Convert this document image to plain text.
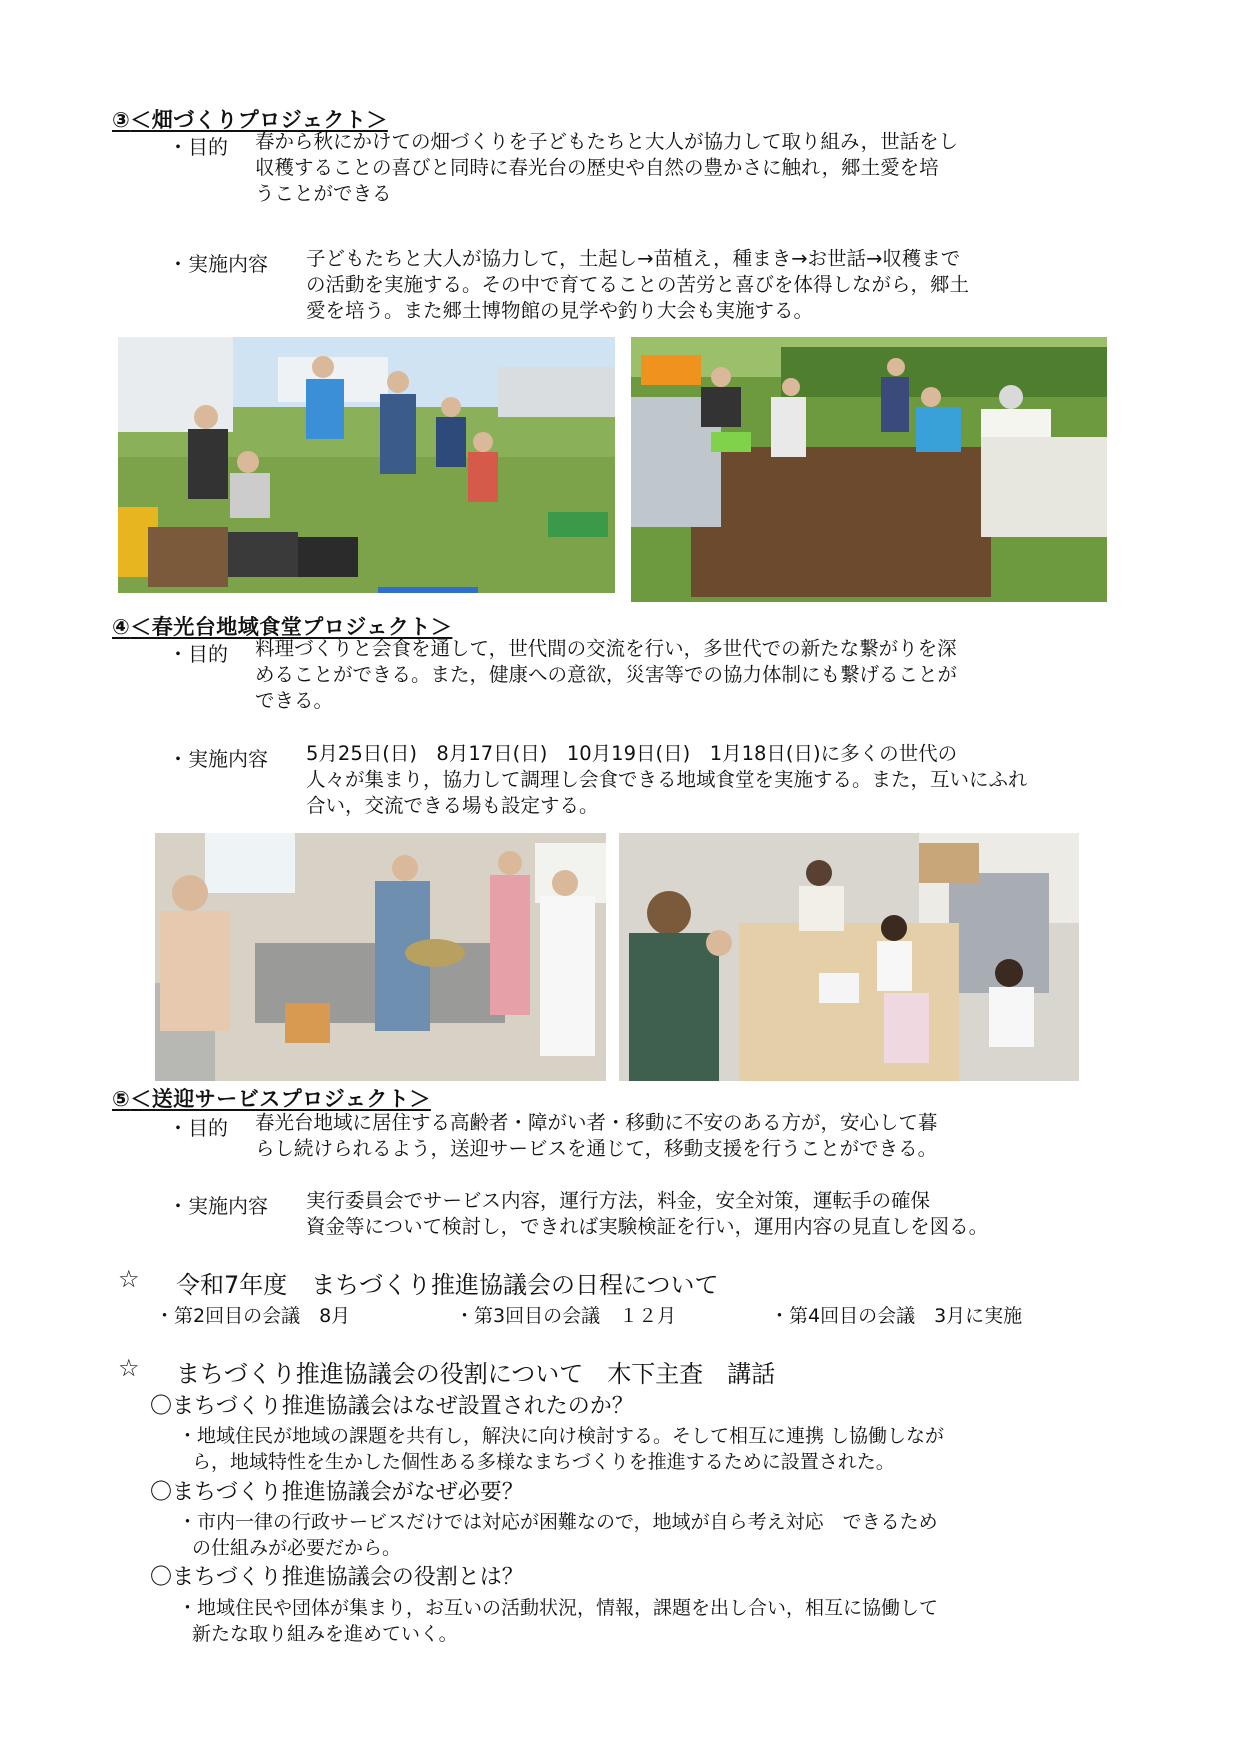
③＜畑づくりプロジェクト＞
・目的 春から秋にかけての畑づくりを子どもたちと大人が協力して取り組み，世話をし
収穫することの喜びと同時に春光台の歴史や自然の豊かさに触れ，郷土愛を培
うことができる
・実施内容 子どもたちと大人が協力して，土起し→苗植え，種まき→お世話→収穫まで
の活動を実施する。その中で育てることの苦労と喜びを体得しながら，郷土
愛を培う。また郷土博物館の見学や釣り大会も実施する。
④＜春光台地域食堂プロジェクト＞
・目的 料理づくりと会食を通して，世代間の交流を行い，多世代での新たな繋がりを深
めることができる。また，健康への意欲，災害等での協力体制にも繋げることが
できる。
・実施内容 5月25日(日)　8月17日(日)　10月19日(日)　1月18日(日)に多くの世代の
人々が集まり，協力して調理し会食できる地域食堂を実施する。また，互いにふれ
合い，交流できる場も設定する。
⑤＜送迎サービスプロジェクト＞
・目的 春光台地域に居住する高齢者・障がい者・移動に不安のある方が，安心して暮
らし続けられるよう，送迎サービスを通じて，移動支援を行うことができる。
・実施内容 実行委員会でサービス内容，運行方法，料金，安全対策，運転手の確保
資金等について検討し，できれば実験検証を行い，運用内容の見直しを図る。
☆ 令和7年度　まちづくり推進協議会の日程について
・第2回目の会議　8月	・第3回目の会議　１２月	・第4回目の会議　3月に実施
☆ まちづくり推進協議会の役割について　木下主査　講話
〇まちづくり推進協議会はなぜ設置されたのか？
・地域住民が地域の課題を共有し，解決に向け検討する。そして相互に連携 し協働しなが
ら，地域特性を生かした個性ある多様なまちづくりを推進するために設置された。
〇まちづくり推進協議会がなぜ必要？
・市内一律の行政サービスだけでは対応が困難なので，地域が自ら考え対応　できるため
の仕組みが必要だから。
〇まちづくり推進協議会の役割とは？
・地域住民や団体が集まり，お互いの活動状況，情報，課題を出し合い，相互に協働して
新たな取り組みを進めていく。
